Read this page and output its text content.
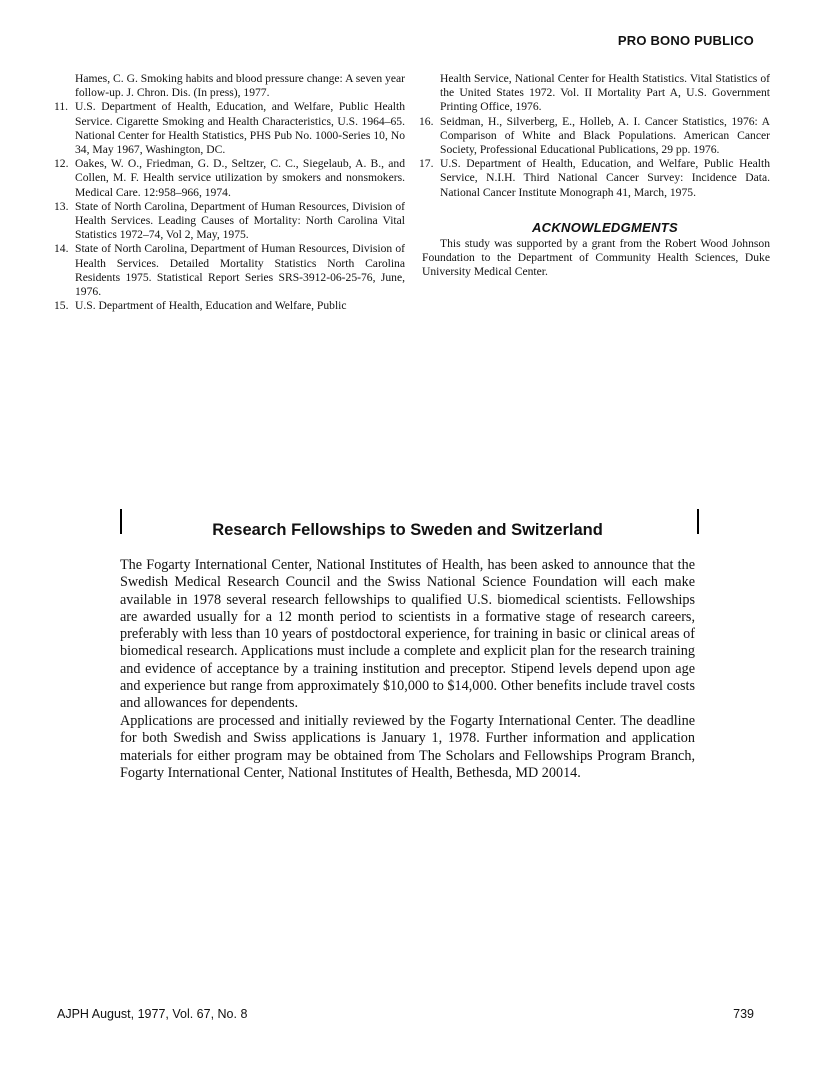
PRO BONO PUBLICO
Hames, C. G. Smoking habits and blood pressure change: A seven year follow-up. J. Chron. Dis. (In press), 1977.
11. U.S. Department of Health, Education, and Welfare, Public Health Service. Cigarette Smoking and Health Characteristics, U.S. 1964–65. National Center for Health Statistics, PHS Pub No. 1000-Series 10, No 34, May 1967, Washington, DC.
12. Oakes, W. O., Friedman, G. D., Seltzer, C. C., Siegelaub, A. B., and Collen, M. F. Health service utilization by smokers and nonsmokers. Medical Care. 12:958–966, 1974.
13. State of North Carolina, Department of Human Resources, Division of Health Services. Leading Causes of Mortality: North Carolina Vital Statistics 1972–74, Vol 2, May, 1975.
14. State of North Carolina, Department of Human Resources, Division of Health Services. Detailed Mortality Statistics North Carolina Residents 1975. Statistical Report Series SRS-3912-06-25-76, June, 1976.
15. U.S. Department of Health, Education and Welfare, Public
Health Service, National Center for Health Statistics. Vital Statistics of the United States 1972. Vol. II Mortality Part A, U.S. Government Printing Office, 1976.
16. Seidman, H., Silverberg, E., Holleb, A. I. Cancer Statistics, 1976: A Comparison of White and Black Populations. American Cancer Society, Professional Educational Publications, 29 pp. 1976.
17. U.S. Department of Health, Education, and Welfare, Public Health Service, N.I.H. Third National Cancer Survey: Incidence Data. National Cancer Institute Monograph 41, March, 1975.
ACKNOWLEDGMENTS
This study was supported by a grant from the Robert Wood Johnson Foundation to the Department of Community Health Sciences, Duke University Medical Center.
Research Fellowships to Sweden and Switzerland
The Fogarty International Center, National Institutes of Health, has been asked to announce that the Swedish Medical Research Council and the Swiss National Science Foundation will each make available in 1978 several research fellowships to qualified U.S. biomedical scientists. Fellowships are awarded usually for a 12 month period to scientists in a formative stage of research careers, preferably with less than 10 years of postdoctoral experience, for training in basic or clinical areas of biomedical research. Applications must include a complete and explicit plan for the research training and evidence of acceptance by a training institution and preceptor. Stipend levels depend upon age and experience but range from approximately $10,000 to $14,000. Other benefits include travel costs and allowances for dependents.
Applications are processed and initially reviewed by the Fogarty International Center. The deadline for both Swedish and Swiss applications is January 1, 1978. Further information and application materials for either program may be obtained from The Scholars and Fellowships Program Branch, Fogarty International Center, National Institutes of Health, Bethesda, MD 20014.
AJPH August, 1977, Vol. 67, No. 8	739
